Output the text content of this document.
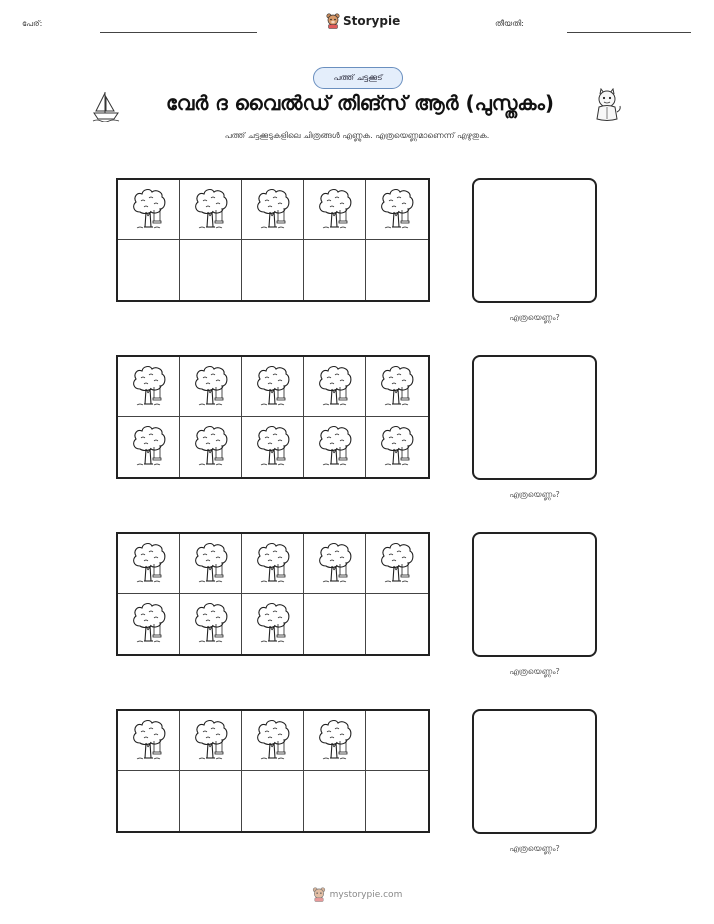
പേര്:	Storypie	തീയതി:
പത്ത് ചട്ടക്കൂട്
വേർ ദ വൈൽഡ് തിങ്സ് ആർ (പുസ്തകം)
പത്ത് ചട്ടക്കൂടുകളിലെ ചിത്രങ്ങൾ എണ്ണുക. എത്രയെണ്ണമാണെന്ന് എഴുതുക.
എത്രയെണ്ണം?
എത്രയെണ്ണം?
എത്രയെണ്ണം?
എത്രയെണ്ണം?
mystorypie.com
